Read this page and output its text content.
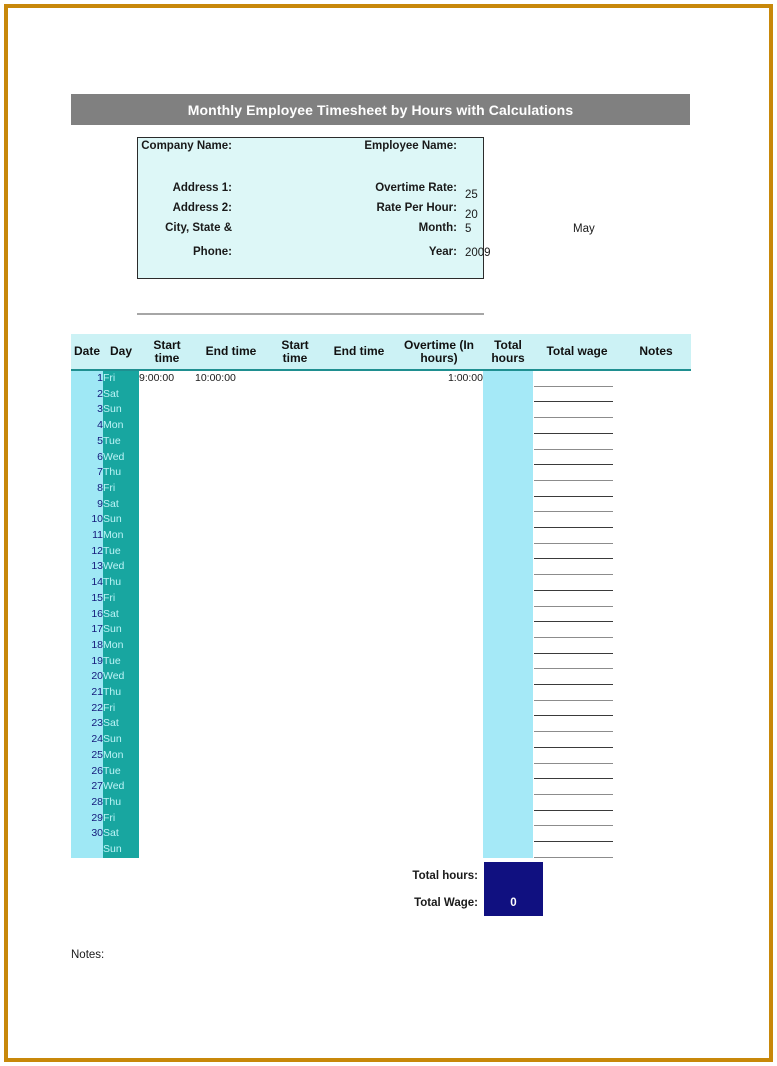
Monthly Employee Timesheet by Hours with Calculations
Company Name:	Employee Name:
Address 1:	Overtime Rate:
25
Address 2:	Rate Per Hour:
20
City, State &	Month: 5	May
Phone:	Year: 2009
Date	Day	Start time	End time	Start time	End time	Overtime (In hours)	Total hours	Total wage	Notes
1	Fri	9:00:00	10:00:00			1:00:00		

2	Sat							

3	Sun							

4	Mon							

5	Tue							

6	Wed							

7	Thu							

8	Fri							

9	Sat							

10	Sun							

11	Mon							

12	Tue							

13	Wed							

14	Thu							

15	Fri							

16	Sat							

17	Sun							

18	Mon							

19	Tue							

20	Wed							

21	Thu							

22	Fri							

23	Sat							

24	Sun							

25	Mon							

26	Tue							

27	Wed							

28	Thu							

29	Fri							

30	Sat							

	Sun							

Total hours:
Total Wage:	0
Notes:
